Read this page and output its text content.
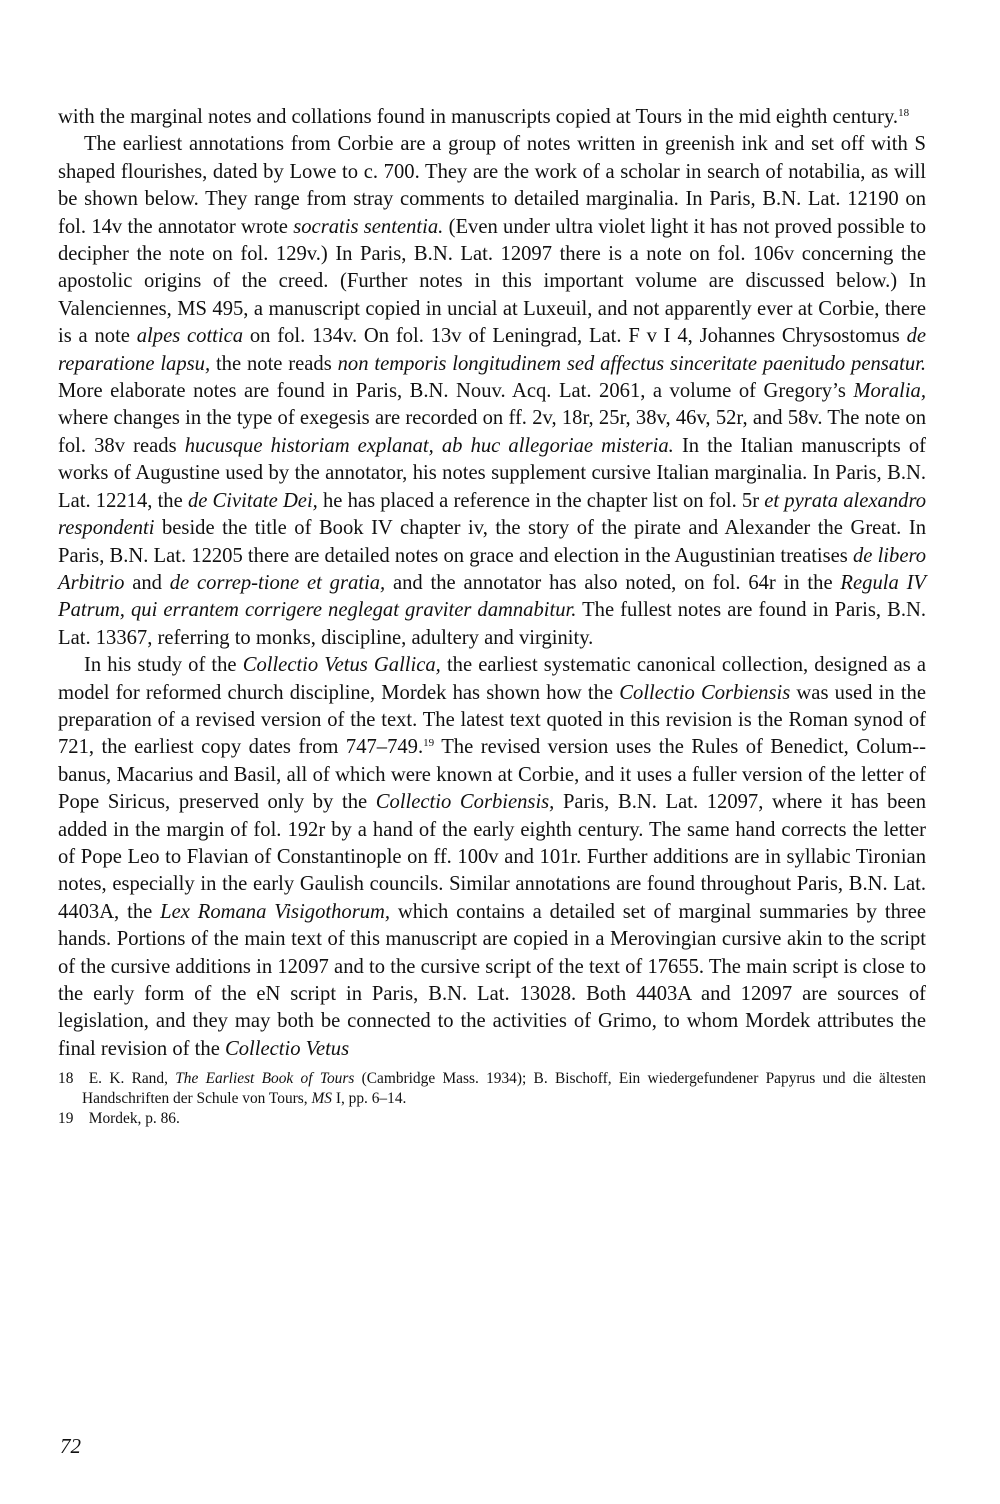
with the marginal notes and collations found in manuscripts copied at Tours in the mid eighth century.$^{18}$

The earliest annotations from Corbie are a group of notes written in greenish ink and set off with S shaped flourishes, dated by Lowe to c. 700. They are the work of a scholar in search of notabilia, as will be shown below. They range from stray comments to detailed marginalia. In Paris, B.N. Lat. 12190 on fol. 14v the annotator wrote socratis sententia. (Even under ultra violet light it has not proved possible to decipher the note on fol. 129v.) In Paris, B.N. Lat. 12097 there is a note on fol. 106v concerning the apostolic origins of the creed. (Further notes in this important volume are discussed below.) In Valenciennes, MS 495, a manuscript copied in uncial at Luxeuil, and not apparently ever at Corbie, there is a note alpes cottica on fol. 134v. On fol. 13v of Leningrad, Lat. F v I 4, Johannes Chrysostomus de reparatione lapsu, the note reads non temporis longitudinem sed affectus sinceritate paenitudo pensatur. More elaborate notes are found in Paris, B.N. Nouv. Acq. Lat. 2061, a volume of Gregory’s Moralia, where changes in the type of exegesis are recorded on ff. 2v, 18r, 25r, 38v, 46v, 52r, and 58v. The note on fol. 38v reads hucusque historiam explanat, ab huc allegoriae misteria. In the Italian manuscripts of works of Augustine used by the annotator, his notes supplement cursive Italian marginalia. In Paris, B.N. Lat. 12214, the de Civitate Dei, he has placed a reference in the chapter list on fol. 5r et pyrata alexandro respondenti beside the title of Book IV chapter iv, the story of the pirate and Alexander the Great. In Paris, B.N. Lat. 12205 there are detailed notes on grace and election in the Augustinian treatises de libero Arbitrio and de correp-tione et gratia, and the annotator has also noted, on fol. 64r in the Regula IV Patrum, qui errantem corrigere neglegat graviter damnabitur. The fullest notes are found in Paris, B.N. Lat. 13367, referring to monks, discipline, adultery and virginity.

In his study of the Collectio Vetus Gallica, the earliest systematic canonical collection, designed as a model for reformed church discipline, Mordek has shown how the Collectio Corbiensis was used in the preparation of a revised version of the text. The latest text quoted in this revision is the Roman synod of 721, the earliest copy dates from 747–749.19 The revised version uses the Rules of Benedict, Colum-banus, Macarius and Basil, all of which were known at Corbie, and it uses a fuller version of the letter of Pope Siricus, preserved only by the Collectio Corbiensis, Paris, B.N. Lat. 12097, where it has been added in the margin of fol. 192r by a hand of the early eighth century. The same hand corrects the letter of Pope Leo to Flavian of Constantinople on ff. 100v and 101r. Further additions are in syllabic Tironian notes, especially in the early Gaulish councils. Similar annotations are found throughout Paris, B.N. Lat. 4403A, the Lex Romana Visigothorum, which contains a detailed set of marginal summaries by three hands. Portions of the main text of this manuscript are copied in a Merovingian cursive akin to the script of the cursive additions in 12097 and to the cursive script of the text of 17655. The main script is close to the early form of the eN script in Paris, B.N. Lat. 13028. Both 4403A and 12097 are sources of legislation, and they may both be connected to the activities of Grimo, to whom Mordek attributes the final revision of the Collectio Vetus

18 E. K. Rand, The Earliest Book of Tours (Cambridge Mass. 1934); B. Bischoff, Ein wiedergefundener Papyrus und die ältesten Handschriften der Schule von Tours, MS I, pp. 6–14.

19 Mordek, p. 86.

72
